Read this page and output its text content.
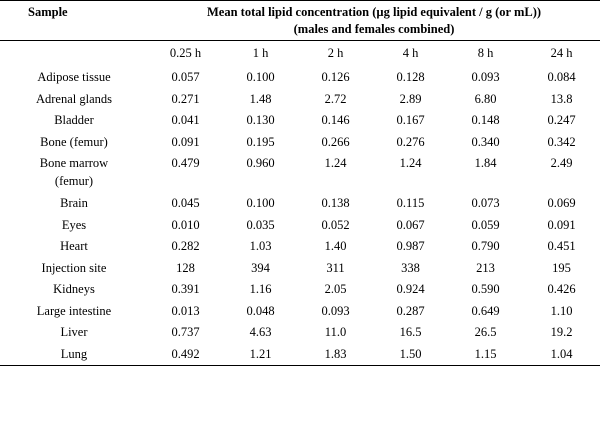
Sample	Mean total lipid concentration (µg lipid equivalent / g (or mL))					
	(males and females combined)					
	0.25 h	1 h	2 h	4 h	8 h	24 h
Adipose tissue	0.057	0.100	0.126	0.128	0.093	0.084
Adrenal glands	0.271	1.48	2.72	2.89	6.80	13.8
Bladder	0.041	0.130	0.146	0.167	0.148	0.247
Bone (femur)	0.091	0.195	0.266	0.276	0.340	0.342
Bone marrow	0.479	0.960	1.24	1.24	1.84	2.49
(femur)						
Brain	0.045	0.100	0.138	0.115	0.073	0.069
Eyes	0.010	0.035	0.052	0.067	0.059	0.091
Heart	0.282	1.03	1.40	0.987	0.790	0.451
Injection site	128	394	311	338	213	195
Kidneys	0.391	1.16	2.05	0.924	0.590	0.426
Large intestine	0.013	0.048	0.093	0.287	0.649	1.10
Liver	0.737	4.63	11.0	16.5	26.5	19.2
Lung	0.492	1.21	1.83	1.50	1.15	1.04
